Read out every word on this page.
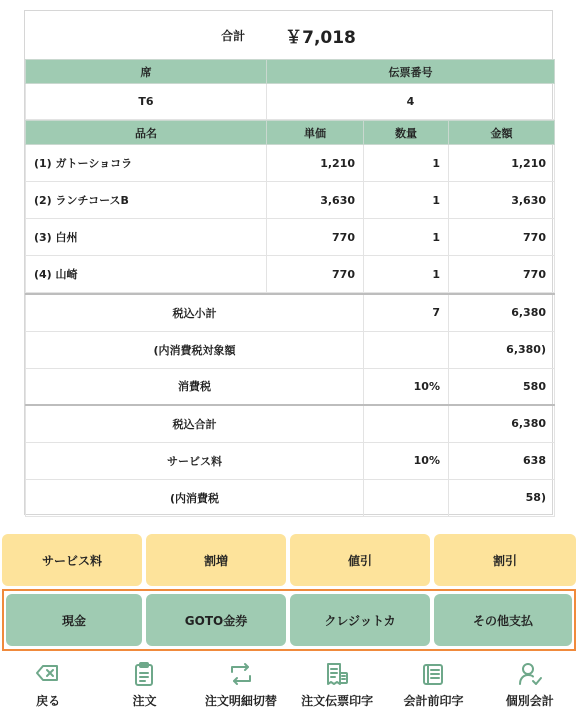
合計 ￥7,018
席	伝票番号
T6	4
品名	単価	数量	金額
(1) ガトーショコラ	1,210	1	1,210
(2) ランチコースB	3,630	1	3,630
(3) 白州	770	1	770
(4) 山崎	770	1	770
税込小計	7	6,380
(内消費税対象額		6,380)
消費税	10%	580
税込合計		6,380
サービス料	10%	638
(内消費税		58)
サービス料	割増	値引	割引
現金	GOTO金券	クレジットカ	その他支払
戻る	注文	注文明細切替 注文伝票印字	会計前印字	個別会計
